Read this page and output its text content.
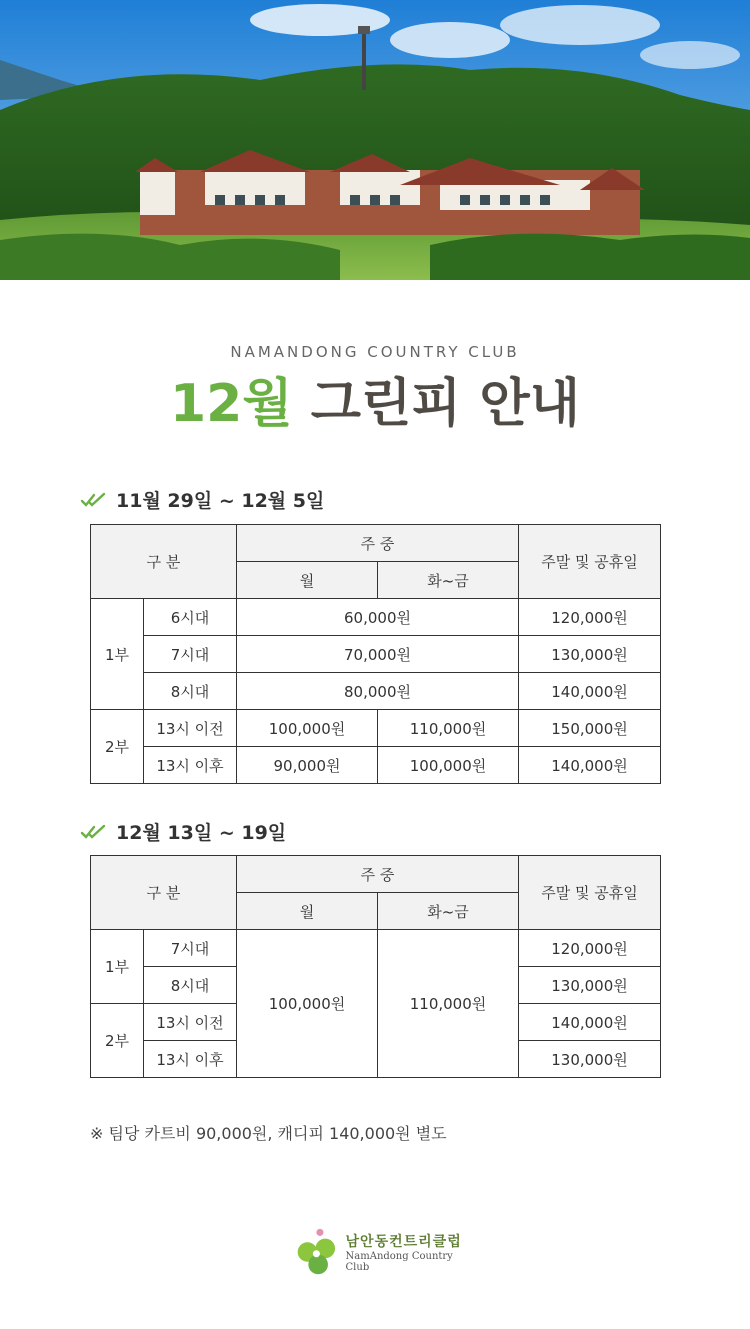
NAMANDONG COUNTRY CLUB
12월 그린피 안내
11월 29일 ~ 12월 5일
구 분		주 중		주말 및 공휴일
		월	화~금	
1부	6시대	60,000원		120,000원
	7시대	70,000원		130,000원
	8시대	80,000원		140,000원
2부	13시 이전	100,000원	110,000원	150,000원
	13시 이후	90,000원	100,000원	140,000원
12월 13일 ~ 19일
구 분		주 중		주말 및 공휴일
		월	화~금	
1부	7시대	100,000원	110,000원	120,000원
	8시대			130,000원
2부	13시 이전			140,000원
	13시 이후			130,000원
※ 팀당 카트비 90,000원, 캐디피 140,000원 별도
남안동컨트리클럽
NamAndong Country Club
